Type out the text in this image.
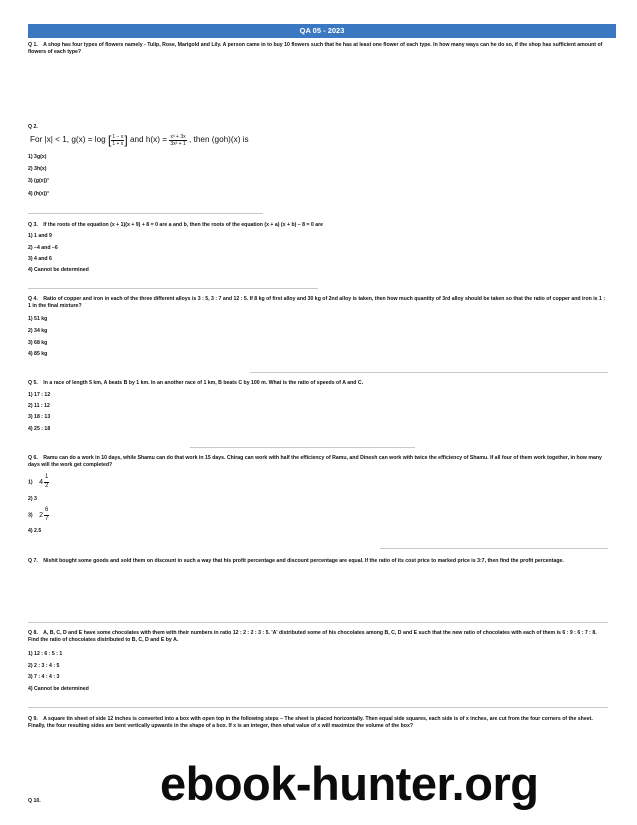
QA 05 - 2023
Q 1. A shop has four types of flowers namely - Tulip, Rose, Marigold and Lily. A person came in to buy 10 flowers such that he has at least one flower of each type. In how many ways can he do so, if the shop has sufficient amount of flowers of each type?
Q 2.
For |x| < 1, g(x) = log [ $\frac{1 - x}{1 + x}$ ] and $h(x) = \frac{\text{x³ + 3x}}{\text{3x² + 1}}$ , then (goh)(x) is
1) 3g(x)
2) 3h(x)
3) (g(x))³
4) (h(x))³
Q 3. If the roots of the equation (x + 1)(x + 9) + 8 = 0 are a and b, then the roots of the equation (x + a) (x + b) – 8 = 0 are
1) 1 and 9
2) –4 and –6
3) 4 and 6
4) Cannot be determined
Q 4. Ratio of copper and iron in each of the three different alloys is 3 : 5, 3 : 7 and 12 : 5. If 8 kg of first alloy and 30 kg of 2nd alloy is taken, then how much quantity of 3rd alloy should be taken so that the ratio of copper and iron is 1 : 1 in the final mixture?
1) 51 kg
2) 34 kg
3) 68 kg
4) 85 kg
Q 5. In a race of length 5 km, A beats B by 1 km. In an another race of 1 km, B beats C by 100 m. What is the ratio of speeds of A and C.
1) 17 : 12
2) 11 : 12
3) 18 : 13
4) 25 : 18
Q 6. Ramu can do a work in 10 days, while Shamu can do that work in 15 days. Chirag can work with half the efficiency of Ramu, and Dinesh can work with twice the efficiency of Shamu. If all four of them work together, in how many days will the work get completed?
1) $4 \frac{1}{2}$
2) 3
3) $2 \frac{6}{7}$
4) 2.5
Q 7. Nishit bought some goods and sold them on discount in such a way that his profit percentage and discount percentage are equal. If the ratio of its cost price to marked price is 3:7, then find the profit percentage.
Q 8. A, B, C, D and E have some chocolates with them with their numbers in ratio 12 : 2 : 2 : 3 : 5. 'A' distributed some of his chocolates among B, C, D and E such that the new ratio of chocolates with each of them is 6 : 9 : 6 : 7 : 8. Find the ratio of chocolates distributed to B, C, D and E by A.
1) 12 : 6 : 5 : 1
2) 2 : 3 : 4 : 5
3) 7 : 4 : 4 : 3
4) Cannot be determined
Q 9. A square tin sheet of side 12 inches is converted into a box with open top in the following steps – The sheet is placed horizontally. Then equal side squares, each side is of x inches, are cut from the four corners of the sheet. Finally, the four resulting sides are bent vertically upwards in the shape of a box. If x is an integer, then what value of x will maximize the volume of the box?
Q 10.	ebook-hunter.org
